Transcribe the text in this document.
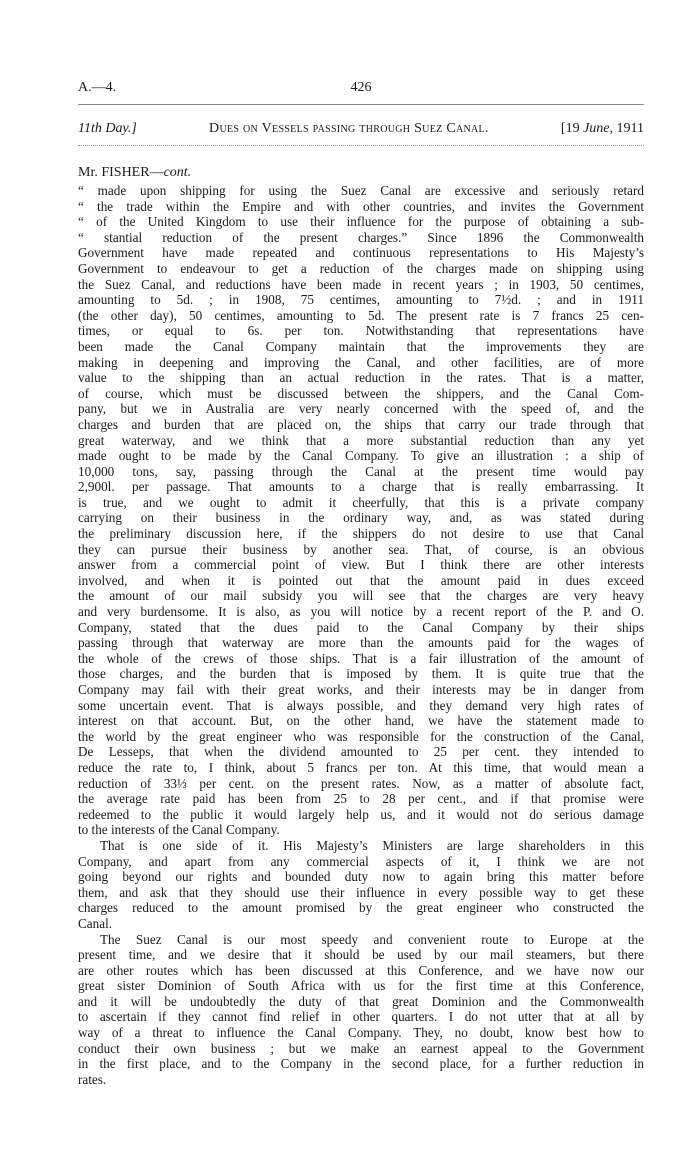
A.—4.	426
11th Day.]	Dues on Vessels passing through Suez Canal.	[19 June, 1911
Mr. FISHER—cont.
“ made upon shipping for using the Suez Canal are excessive and seriously retard
“ the trade within the Empire and with other countries, and invites the Government
“ of the United Kingdom to use their influence for the purpose of obtaining a sub-
“ stantial reduction of the present charges.” Since 1896 the Commonwealth
Government have made repeated and continuous representations to His Majesty’s
Government to endeavour to get a reduction of the charges made on shipping using
the Suez Canal, and reductions have been made in recent years ; in 1903, 50 centimes,
amounting to 5d. ; in 1908, 75 centimes, amounting to 7½d. ; and in 1911
(the other day), 50 centimes, amounting to 5d. The present rate is 7 francs 25 cen-
times, or equal to 6s. per ton. Notwithstanding that representations have
been made the Canal Company maintain that the improvements they are
making in deepening and improving the Canal, and other facilities, are of more
value to the shipping than an actual reduction in the rates. That is a matter,
of course, which must be discussed between the shippers, and the Canal Com-
pany, but we in Australia are very nearly concerned with the speed of, and the
charges and burden that are placed on, the ships that carry our trade through that
great waterway, and we think that a more substantial reduction than any yet
made ought to be made by the Canal Company. To give an illustration : a ship of
10,000 tons, say, passing through the Canal at the present time would pay
2,900l. per passage. That amounts to a charge that is really embarrassing. It
is true, and we ought to admit it cheerfully, that this is a private company
carrying on their business in the ordinary way, and, as was stated during
the preliminary discussion here, if the shippers do not desire to use that Canal
they can pursue their business by another sea. That, of course, is an obvious
answer from a commercial point of view. But I think there are other interests
involved, and when it is pointed out that the amount paid in dues exceed
the amount of our mail subsidy you will see that the charges are very heavy
and very burdensome. It is also, as you will notice by a recent report of the P. and O.
Company, stated that the dues paid to the Canal Company by their ships
passing through that waterway are more than the amounts paid for the wages of
the whole of the crews of those ships. That is a fair illustration of the amount of
those charges, and the burden that is imposed by them. It is quite true that the
Company may fail with their great works, and their interests may be in danger from
some uncertain event. That is always possible, and they demand very high rates of
interest on that account. But, on the other hand, we have the statement made to
the world by the great engineer who was responsible for the construction of the Canal,
De Lesseps, that when the dividend amounted to 25 per cent. they intended to
reduce the rate to, I think, about 5 francs per ton. At this time, that would mean a
reduction of 33⅓ per cent. on the present rates. Now, as a matter of absolute fact,
the average rate paid has been from 25 to 28 per cent., and if that promise were
redeemed to the public it would largely help us, and it would not do serious damage
to the interests of the Canal Company.
That is one side of it. His Majesty’s Ministers are large shareholders in this
Company, and apart from any commercial aspects of it, I think we are not
going beyond our rights and bounded duty now to again bring this matter before
them, and ask that they should use their influence in every possible way to get these
charges reduced to the amount promised by the great engineer who constructed the
Canal.
The Suez Canal is our most speedy and convenient route to Europe at the
present time, and we desire that it should be used by our mail steamers, but there
are other routes which has been discussed at this Conference, and we have now our
great sister Dominion of South Africa with us for the first time at this Conference,
and it will be undoubtedly the duty of that great Dominion and the Commonwealth
to ascertain if they cannot find relief in other quarters. I do not utter that at all by
way of a threat to influence the Canal Company. They, no doubt, know best how to
conduct their own business ; but we make an earnest appeal to the Government
in the first place, and to the Company in the second place, for a further reduction in
rates.
